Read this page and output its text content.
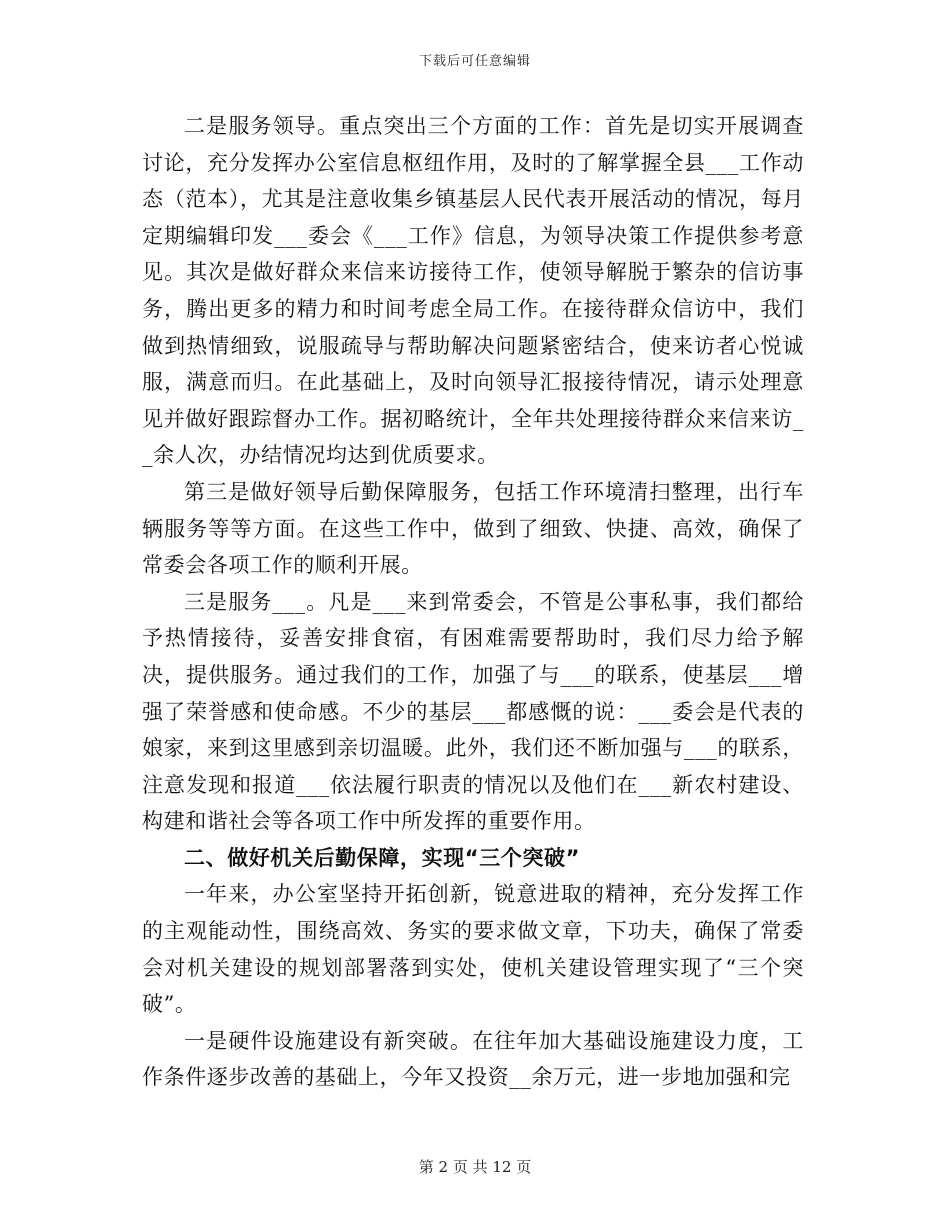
下载后可任意编辑

二是服务领导。重点突出三个方面的工作：首先是切实开展调查讨论，充分发挥办公室信息枢纽作用，及时的了解掌握全县___工作动态（范本），尤其是注意收集乡镇基层人民代表开展活动的情况，每月定期编辑印发___委会《___工作》信息，为领导决策工作提供参考意见。其次是做好群众来信来访接待工作，使领导解脱于繁杂的信访事务，腾出更多的精力和时间考虑全局工作。在接待群众信访中，我们做到热情细致，说服疏导与帮助解决问题紧密结合，使来访者心悦诚服，满意而归。在此基础上，及时向领导汇报接待情况，请示处理意见并做好跟踪督办工作。据初略统计，全年共处理接待群众来信来访__余人次，办结情况均达到优质要求。

第三是做好领导后勤保障服务，包括工作环境清扫整理，出行车辆服务等等方面。在这些工作中，做到了细致、快捷、高效，确保了常委会各项工作的顺利开展。

三是服务___。凡是___来到常委会，不管是公事私事，我们都给予热情接待，妥善安排食宿，有困难需要帮助时，我们尽力给予解决，提供服务。通过我们的工作，加强了与___的联系，使基层___增强了荣誉感和使命感。不少的基层___都感慨的说：___委会是代表的娘家，来到这里感到亲切温暖。此外，我们还不断加强与___的联系，注意发现和报道___依法履行职责的情况以及他们在___新农村建设、构建和谐社会等各项工作中所发挥的重要作用。

二、做好机关后勤保障，实现“三个突破”

一年来，办公室坚持开拓创新，锐意进取的精神，充分发挥工作的主观能动性，围绕高效、务实的要求做文章，下功夫，确保了常委会对机关建设的规划部署落到实处，使机关建设管理实现了“三个突破”。

一是硬件设施建设有新突破。在往年加大基础设施建设力度，工作条件逐步改善的基础上，今年又投资__余万元，进一步地加强和完

第 2 页 共 12 页
